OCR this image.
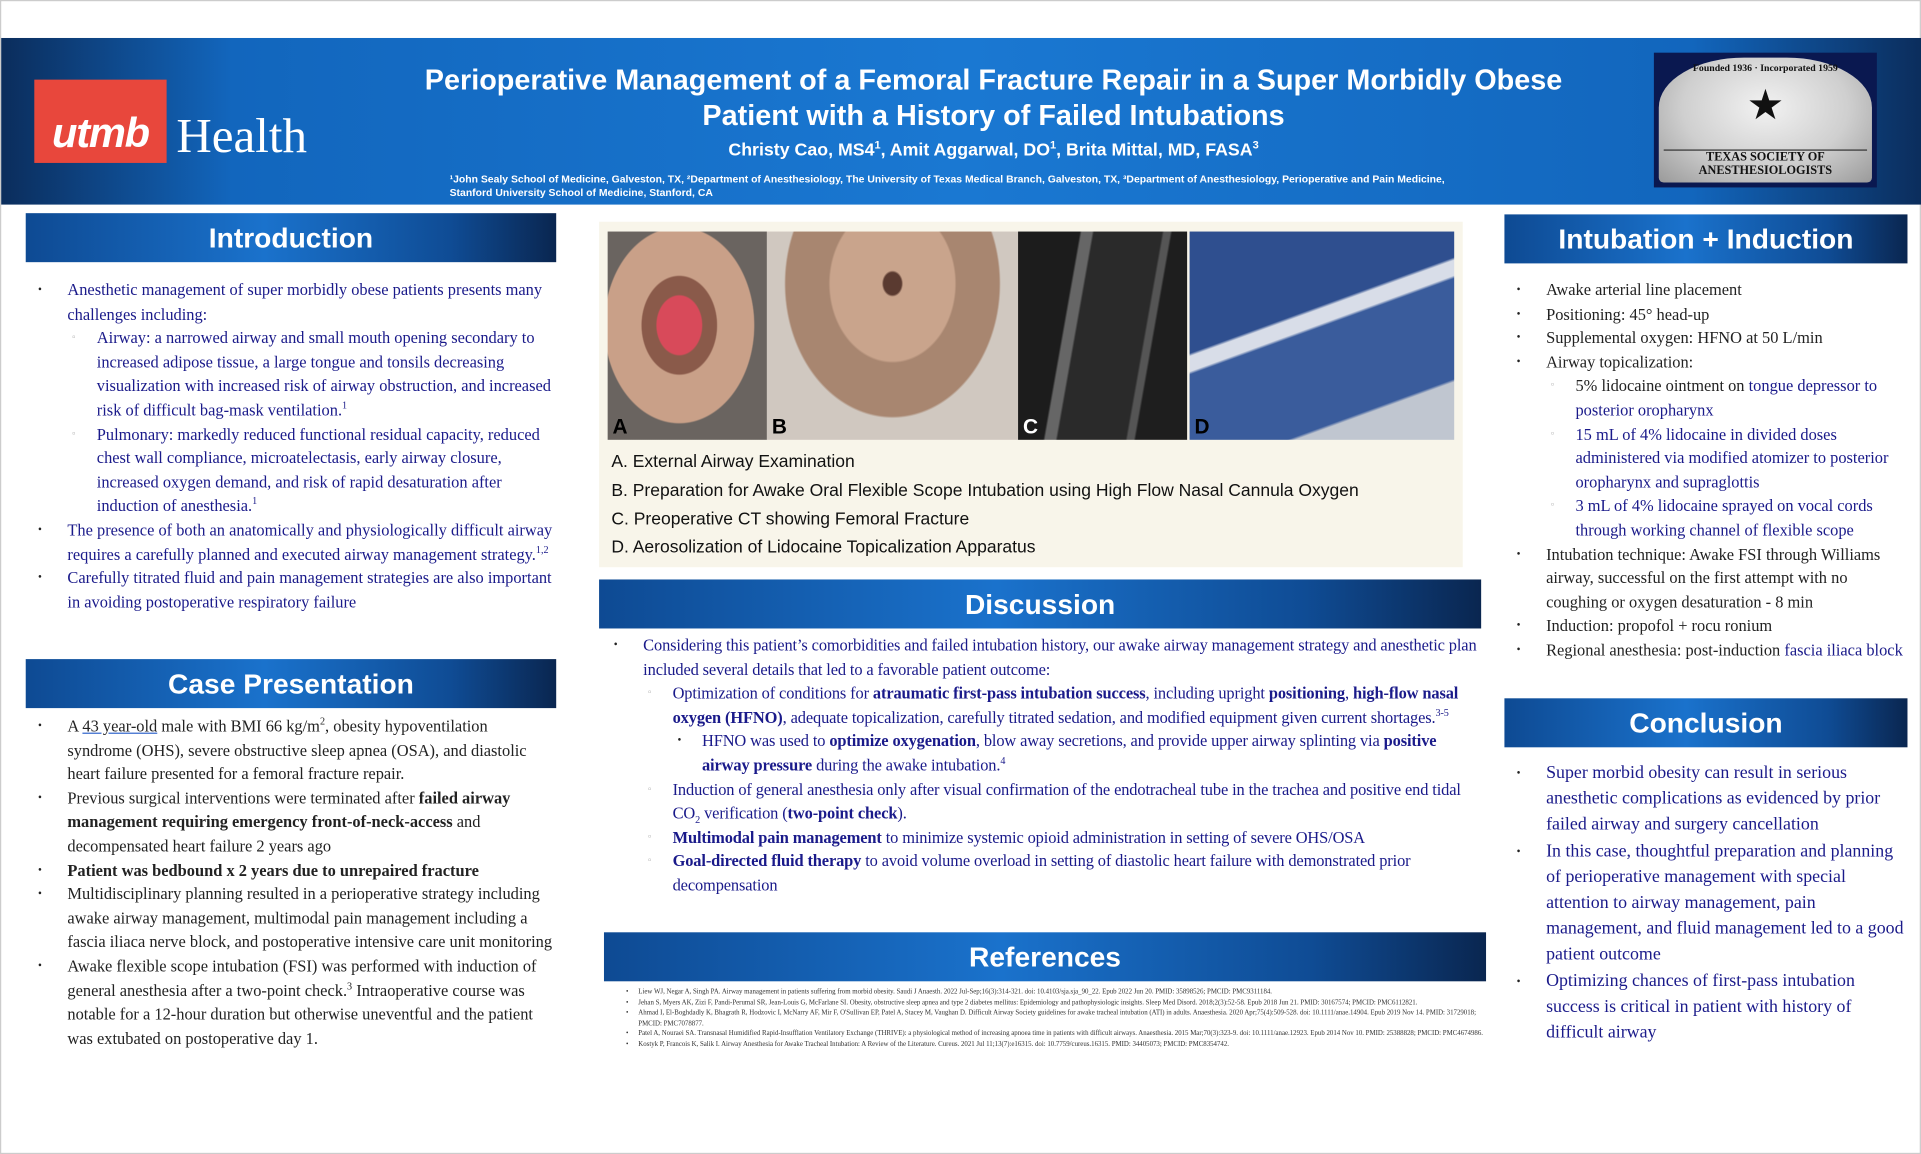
utmb Health
Perioperative Management of a Femoral Fracture Repair in a Super Morbidly Obese
Patient with a History of Failed Intubations
Christy Cao, $MS4^1$, Amit Aggarwal, $DO^1$, Brita Mittal, MD, FASA$^3$
¹John Sealy School of Medicine, Galveston, TX, ²Department of Anesthesiology, The University of Texas Medical Branch, Galveston, TX, ³Department of Anesthesiology, Perioperative and Pain Medicine,
Stanford University School of Medicine, Stanford, CA
Founded 1936 · Incorporated 1959
★
TEXAS SOCIETY OF ANESTHESIOLOGISTS
Introduction
• Anesthetic management of super morbidly obese patients presents many challenges including:
▫ Airway: a narrowed airway and small mouth opening secondary to increased adipose tissue, a large tongue and tonsils decreasing visualization with increased risk of airway obstruction, and increased risk of difficult bag-mask ventilation.$^1$
▫ Pulmonary: markedly reduced functional residual capacity, reduced chest wall compliance, microatelectasis, early airway closure, increased oxygen demand, and risk of rapid desaturation after induction of anesthesia.$^1$
• The presence of both an anatomically and physiologically difficult airway requires a carefully planned and executed airway management strategy.$^{1,2}$
• Carefully titrated fluid and pain management strategies are also important in avoiding postoperative respiratory failure
Case Presentation
• A 43 year-old male with BMI 66 $kg/m^2$, obesity hypoventilation syndrome (OHS), severe obstructive sleep apnea (OSA), and diastolic heart failure presented for a femoral fracture repair.
• Previous surgical interventions were terminated after failed airway management requiring emergency front-of-neck-access and decompensated heart failure 2 years ago
• Patient was bedbound x 2 years due to unrepaired fracture
• Multidisciplinary planning resulted in a perioperative strategy including awake airway management, multimodal pain management including a fascia iliaca nerve block, and postoperative intensive care unit monitoring
• Awake flexible scope intubation (FSI) was performed with induction of general anesthesia after a two-point check.$^3$ Intraoperative course was notable for a 12-hour duration but otherwise uneventful and the patient was extubated on postoperative day 1.
A	B	C	D
A. External Airway Examination
B. Preparation for Awake Oral Flexible Scope Intubation using High Flow Nasal Cannula Oxygen
C. Preoperative CT showing Femoral Fracture
D. Aerosolization of Lidocaine Topicalization Apparatus
Discussion
• Considering this patient’s comorbidities and failed intubation history, our awake airway management strategy and anesthetic plan included several details that led to a favorable patient outcome:
▫ Optimization of conditions for atraumatic first-pass intubation success, including upright positioning, high-flow nasal oxygen (HFNO), adequate topicalization, carefully titrated sedation, and modified equipment given current shortages.$^{3-5}$
• HFNO was used to optimize oxygenation, blow away secretions, and provide upper airway splinting via positive airway pressure during the awake intubation.$^4$
▫ Induction of general anesthesia only after visual confirmation of the endotracheal tube in the trachea and positive end tidal $CO_2$ verification (two-point check).
▫ Multimodal pain management to minimize systemic opioid administration in setting of severe OHS/OSA
▫ Goal-directed fluid therapy to avoid volume overload in setting of diastolic heart failure with demonstrated prior decompensation
References
• Liew WJ, Negar A, Singh PA. Airway management in patients suffering from morbid obesity. Saudi J Anaesth. 2022 Jul-Sep;16(3):314-321. doi: 10.4103/sja.sja_90_22. Epub 2022 Jun 20. PMID: 35898526; PMCID: PMC9311184.
• Jehan S, Myers AK, Zizi F, Pandi-Perumal SR, Jean-Louis G, McFarlane SI. Obesity, obstructive sleep apnea and type 2 diabetes mellitus: Epidemiology and pathophysiologic insights. Sleep Med Disord. 2018;2(3):52-58. Epub 2018 Jun 21. PMID: 30167574; PMCID: PMC6112821.
• Ahmad I, El-Boghdadly K, Bhagrath R, Hodzovic I, McNarry AF, Mir F, O'Sullivan EP, Patel A, Stacey M, Vaughan D. Difficult Airway Society guidelines for awake tracheal intubation (ATI) in adults. Anaesthesia. 2020 Apr;75(4):509-528. doi: 10.1111/anae.14904. Epub 2019 Nov 14. PMID: 31729018; PMCID: PMC7078877.
• Patel A, Nouraei SA. Transnasal Humidified Rapid-Insufflation Ventilatory Exchange (THRIVE): a physiological method of increasing apnoea time in patients with difficult airways. Anaesthesia. 2015 Mar;70(3):323-9. doi: 10.1111/anae.12923. Epub 2014 Nov 10. PMID: 25388828; PMCID: PMC4674986.
• Kostyk P, Francois K, Salik I. Airway Anesthesia for Awake Tracheal Intubation: A Review of the Literature. Cureus. 2021 Jul 11;13(7):e16315. doi: 10.7759/cureus.16315. PMID: 34405073; PMCID: PMC8354742.
Intubation + Induction
• Awake arterial line placement
• Positioning: 45° head-up
• Supplemental oxygen: HFNO at 50 L/min
• Airway topicalization:
▫ 5% lidocaine ointment on tongue depressor to posterior oropharynx
▫ 15 mL of 4% lidocaine in divided doses administered via modified atomizer to posterior oropharynx and supraglottis
▫ 3 mL of 4% lidocaine sprayed on vocal cords through working channel of flexible scope
• Intubation technique: Awake FSI through Williams airway, successful on the first attempt with no coughing or oxygen desaturation - 8 min
• Induction: propofol + rocu ronium
• Regional anesthesia: post-induction fascia iliaca block
Conclusion
• Super morbid obesity can result in serious anesthetic complications as evidenced by prior failed airway and surgery cancellation
• In this case, thoughtful preparation and planning of perioperative management with special attention to airway management, pain management, and fluid management led to a good patient outcome
• Optimizing chances of first-pass intubation success is critical in patient with history of difficult airway
